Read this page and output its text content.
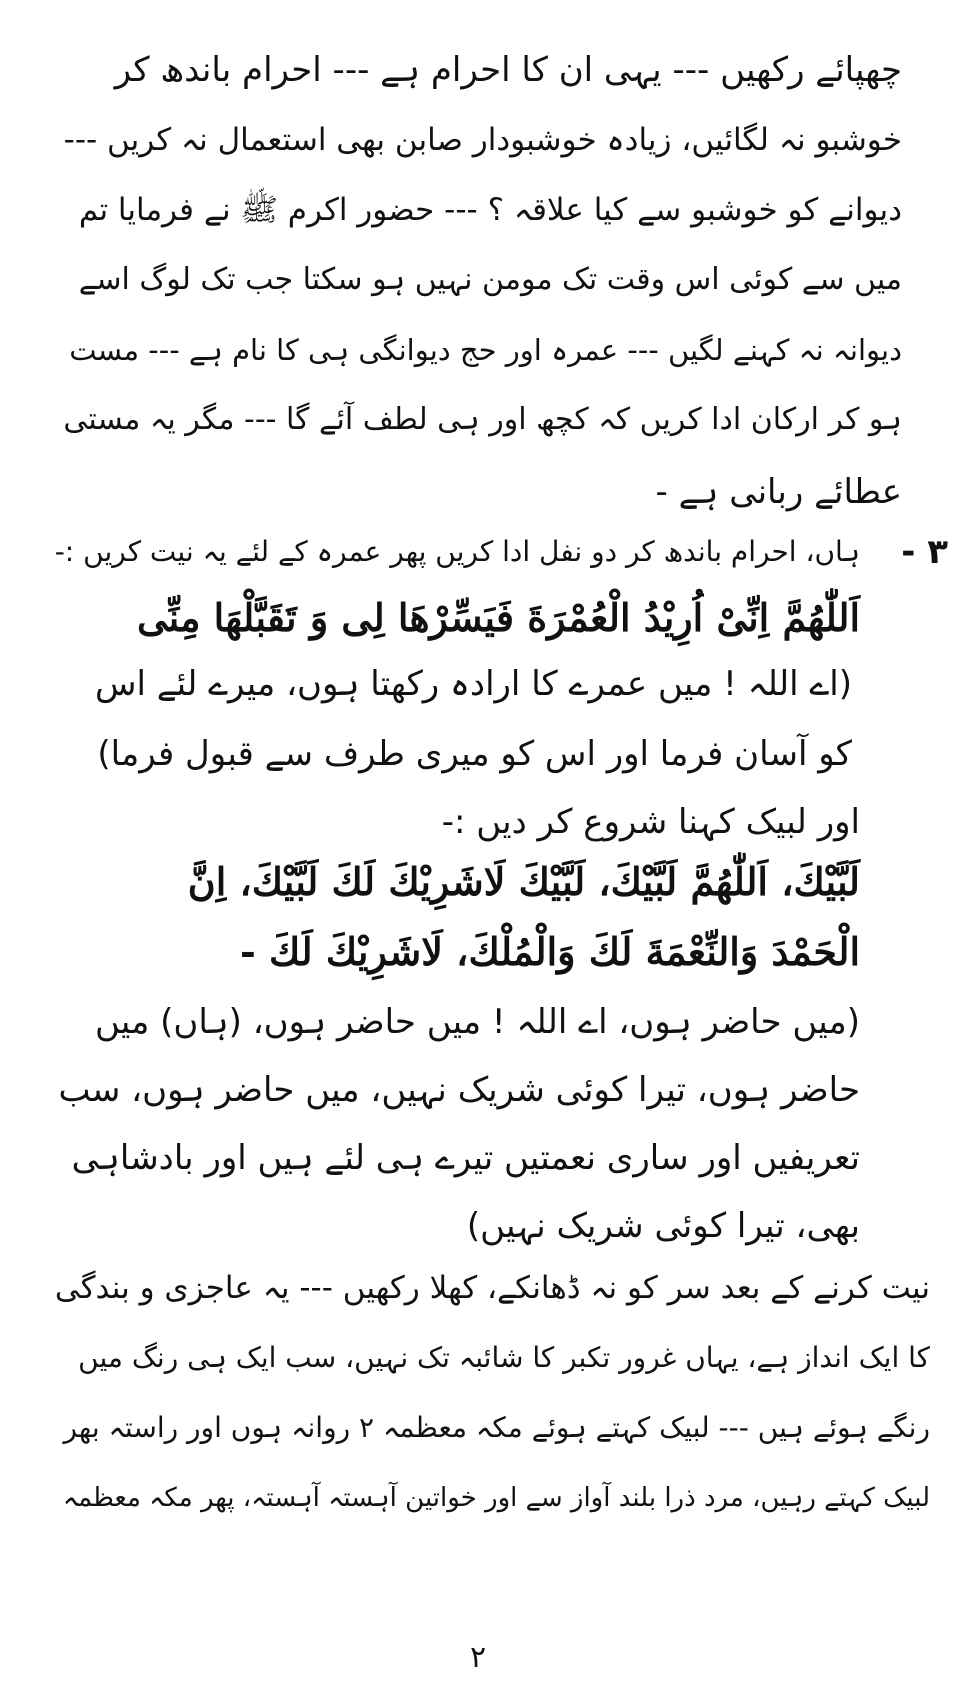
چھپائے رکھیں --- یہی ان کا احرام ہے --- احرام باندھ کر
خوشبو نہ لگائیں، زیادہ خوشبودار صابن بھی استعمال نہ کریں ---
دیوانے کو خوشبو سے کیا علاقہ ؟ --- حضور اکرم ﷺ نے فرمایا تم
میں سے کوئی اس وقت تک مومن نہیں ہو سکتا جب تک لوگ اسے
دیوانہ نہ کہنے لگیں --- عمرہ اور حج دیوانگی ہی کا نام ہے --- مست
ہو کر ارکان ادا کریں کہ کچھ اور ہی لطف آئے گا --- مگر یہ مستی
عطائے ربانی ہے -
۳ -
ہاں، احرام باندھ کر دو نفل ادا کریں پھر عمرہ کے لئے یہ نیت کریں :-
اَللّٰهُمَّ اِنِّیْ اُرِیْدُ الْعُمْرَةَ فَیَسِّرْهَا لِی وَ تَقَبَّلْهَا مِنِّی
(اے اللہ ! میں عمرے کا ارادہ رکھتا ہوں، میرے لئے اس
کو آسان فرما اور اس کو میری طرف سے قبول فرما)
اور لبیک کہنا شروع کر دیں :-
لَبَّیْكَ، اَللّٰهُمَّ لَبَّیْكَ، لَبَّیْكَ لَاشَرِیْكَ لَكَ لَبَّیْكَ، اِنَّ
الْحَمْدَ وَالنِّعْمَةَ لَكَ وَالْمُلْكَ، لَاشَرِیْكَ لَكَ -
(میں حاضر ہوں، اے اللہ ! میں حاضر ہوں، (ہاں) میں
حاضر ہوں، تیرا کوئی شریک نہیں، میں حاضر ہوں، سب
تعریفیں اور ساری نعمتیں تیرے ہی لئے ہیں اور بادشاہی
بھی، تیرا کوئی شریک نہیں)
نیت کرنے کے بعد سر کو نہ ڈھانکے، کھلا رکھیں --- یہ عاجزی و بندگی
کا ایک انداز ہے، یہاں غرور تکبر کا شائبہ تک نہیں، سب ایک ہی رنگ میں
رنگے ہوئے ہیں --- لبیک کہتے ہوئے مکہ معظمہ ۲ روانہ ہوں اور راستہ بھر
لبیک کہتے رہیں، مرد ذرا بلند آواز سے اور خواتین آہستہ آہستہ، پھر مکہ معظمہ
۲
